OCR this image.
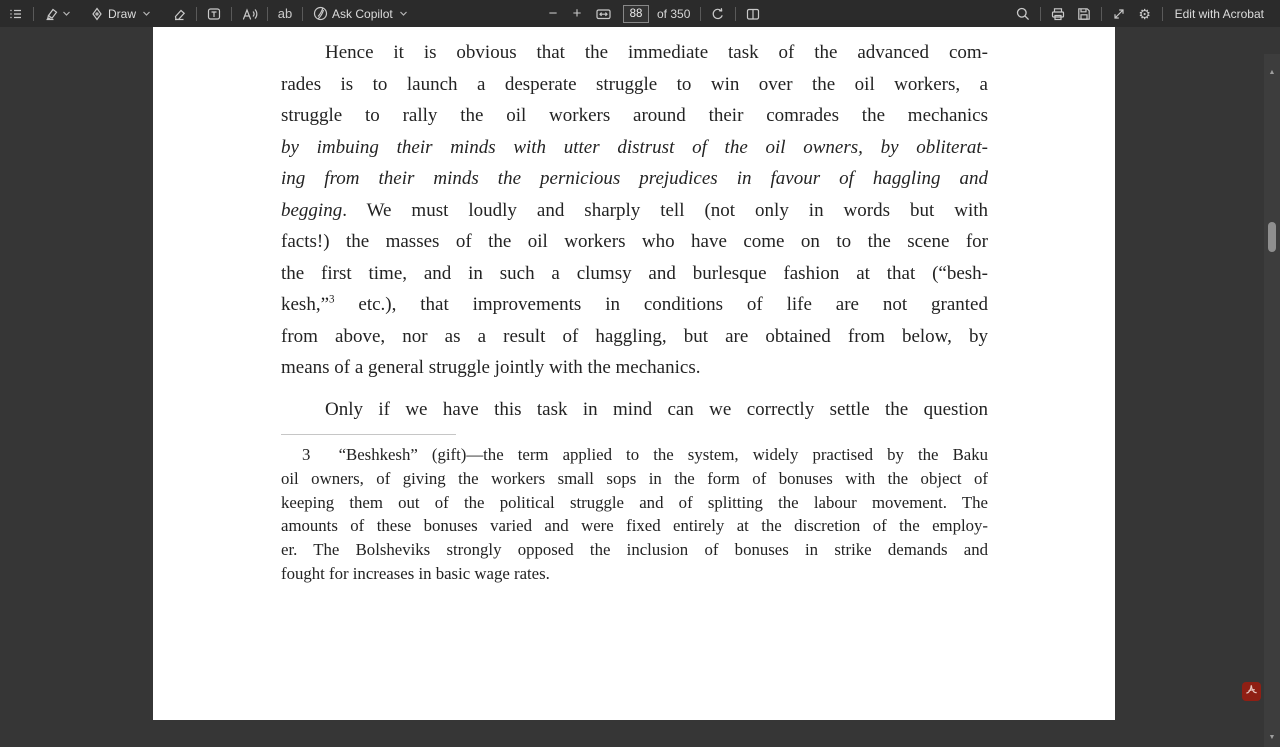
Draw	ab	Ask Copilot	− +
88	of 350	⚙ Edit with Acrobat
Hence it is obvious that the immediate task of the advanced com-
rades is to launch a desperate struggle to win over the oil workers, a
struggle to rally the oil workers around their comrades the mechanics
by imbuing their minds with utter distrust of the oil owners, by obliterat-
ing from their minds the pernicious prejudices in favour of haggling and
begging. We must loudly and sharply tell (not only in words but with
facts!) the masses of the oil workers who have come on to the scene for
the first time, and in such a clumsy and burlesque fashion at that (“besh-
kesh,”$^3$ etc.), that improvements in conditions of life are not granted
from above, nor as a result of haggling, but are obtained from below, by
means of a general struggle jointly with the mechanics.
Only if we have this task in mind can we correctly settle the question
3  “Beshkesh” (gift)—the term applied to the system, widely practised by the Baku
oil owners, of giving the workers small sops in the form of bonuses with the object of
keeping them out of the political struggle and of splitting the labour movement. The
amounts of these bonuses varied and were fixed entirely at the discretion of the employ-
er. The Bolsheviks strongly opposed the inclusion of bonuses in strike demands and
fought for increases in basic wage rates.
▲
▼
